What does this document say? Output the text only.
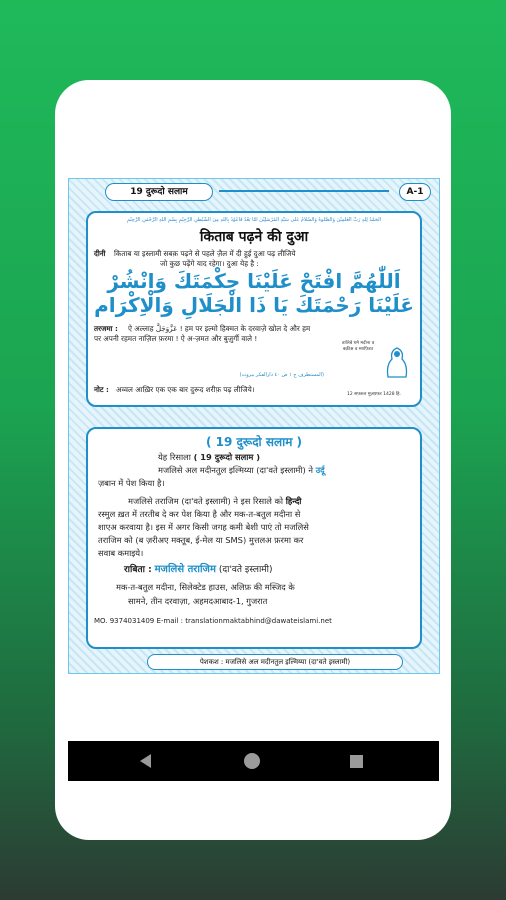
19 दुरूदो सलाम	A-1
اَلْحَمْدُ لِلّٰهِ رَبِّ الْعٰلَمِيْنَ وَالصَّلٰوةُ وَالسَّلَامُ عَلٰى سَيِّدِ الْمُرْسَلِيْنَ اَمَّا بَعْدُ فَاَعُوْذُ بِاللّٰهِ مِنَ الشَّيْطٰنِ الرَّجِيْمِ بِسْمِ اللّٰهِ الرَّحْمٰنِ الرَّحِيْمِ
किताब पढ़ने की दुआ
दीनी किताब या इस्लामी सबक़ पढ़ने से पहले ज़ैल में दी हुई दुआ पढ़ लीजिये
जो कुछ पढ़ेंगे याद रहेगा। दुआ येह है :
اَللّٰهُمَّ افْتَحْ عَلَيْنَا حِكْمَتَكَ وَانْشُرْ
عَلَيْنَا رَحْمَتَكَ يَا ذَا الْجَلَالِ وَالْاِكْرَام
तरजमा : ऐ अल्लाह عَزَّوَجَلَّ ! हम पर इल्मो हिक्मत के दरवाज़े खोल दे और हम
पर अपनी रहमत नाज़िल फ़रमा ! ऐ अ-ज़मत और बुज़ुर्गी वाले !
(المستطرف ج ١ ص ٤٠ دارالفكر بيروت)
नोट : अव्वल आख़िर एक एक बार दुरूद शरीफ़ पढ़ लीजिये।
तालिबे ग़मे मदीना व बक़ीअ व मग़फ़िरत
12 सफ़रुल मुज़फ़्फ़र 1428 हि.
( 19 दुरूदो सलाम )
येह रिसाला ( 19 दुरूदो सलाम )
मजलिसे अल मदीनतुल इल्मिय्या (दा'वते इस्लामी) ने उर्दू
ज़बान में पेश किया है।
मजलिसे तराजिम (दा'वते इस्लामी) ने इस रिसाले को हिन्दी
रस्मुल ख़त में तरतीब दे कर पेश किया है और मक-त-बतुल मदीना से
शाएअ करवाया है। इस में अगर किसी जगह कमी बेशी पाएं तो मजलिसे
तराजिम को (ब ज़रीअए मक्तूब, ई-मेल या SMS) मुत्तलअ फ़रमा कर
सवाब कमाइये।
राबिता : मजलिसे तराजिम (दा'वते इस्लामी)
मक-त-बतुल मदीना, सिलेक्टेड हाउस, अलिफ़ की मस्जिद के
सामने, तीन दरवाज़ा, अहमदआबाद-1, गुजरात
MO. 9374031409 E-mail : translationmaktabhind@dawateislami.net
पेशकश : मजलिसे अल मदीनतुल इल्मिय्या (दा'वते इस्लामी)
